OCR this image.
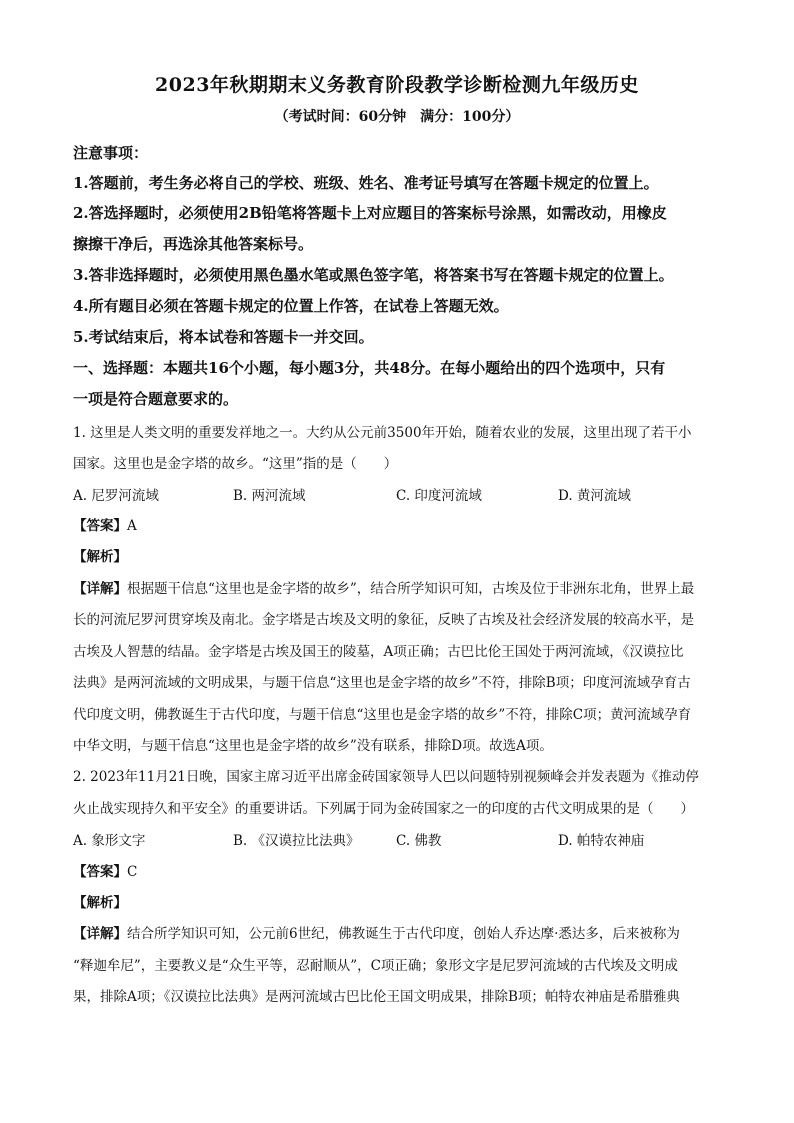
2023年秋期期末义务教育阶段教学诊断检测九年级历史
（考试时间：60分钟　满分：100分）
注意事项：
1.答题前，考生务必将自己的学校、班级、姓名、准考证号填写在答题卡规定的位置上。
2.答选择题时，必须使用2B铅笔将答题卡上对应题目的答案标号涂黑，如需改动，用橡皮
擦擦干净后，再选涂其他答案标号。
3.答非选择题时，必须使用黑色墨水笔或黑色签字笔，将答案书写在答题卡规定的位置上。
4.所有题目必须在答题卡规定的位置上作答，在试卷上答题无效。
5.考试结束后，将本试卷和答题卡一并交回。
一、选择题：本题共16个小题，每小题3分，共48分。在每小题给出的四个选项中，只有
一项是符合题意要求的。
1. 这里是人类文明的重要发祥地之一。大约从公元前3500年开始，随着农业的发展，这里出现了若干小
国家。这里也是金字塔的故乡。“这里”指的是（　　）
A. 尼罗河流域	B. 两河流域	C. 印度河流域	D. 黄河流域
【答案】A
【解析】
【详解】根据题干信息“这里也是金字塔的故乡”，结合所学知识可知，古埃及位于非洲东北角，世界上最
长的河流尼罗河贯穿埃及南北。金字塔是古埃及文明的象征，反映了古埃及社会经济发展的较高水平，是
古埃及人智慧的结晶。金字塔是古埃及国王的陵墓，A项正确；古巴比伦王国处于两河流域，《汉谟拉比
法典》是两河流域的文明成果，与题干信息“这里也是金字塔的故乡”不符，排除B项；印度河流域孕育古
代印度文明，佛教诞生于古代印度，与题干信息“这里也是金字塔的故乡”不符，排除C项；黄河流域孕育
中华文明，与题干信息“这里也是金字塔的故乡”没有联系，排除D项。故选A项。
2. 2023年11月21日晚，国家主席习近平出席金砖国家领导人巴以问题特别视频峰会并发表题为《推动停
火止战实现持久和平安全》的重要讲话。下列属于同为金砖国家之一的印度的古代文明成果的是（　　）
A. 象形文字	B. 《汉谟拉比法典》	C. 佛教	D. 帕特农神庙
【答案】C
【解析】
【详解】结合所学知识可知，公元前6世纪，佛教诞生于古代印度，创始人乔达摩·悉达多，后来被称为
“释迦牟尼”，主要教义是“众生平等，忍耐顺从”，C项正确；象形文字是尼罗河流域的古代埃及文明成
果，排除A项；《汉谟拉比法典》是两河流域古巴比伦王国文明成果，排除B项；帕特农神庙是希腊雅典
